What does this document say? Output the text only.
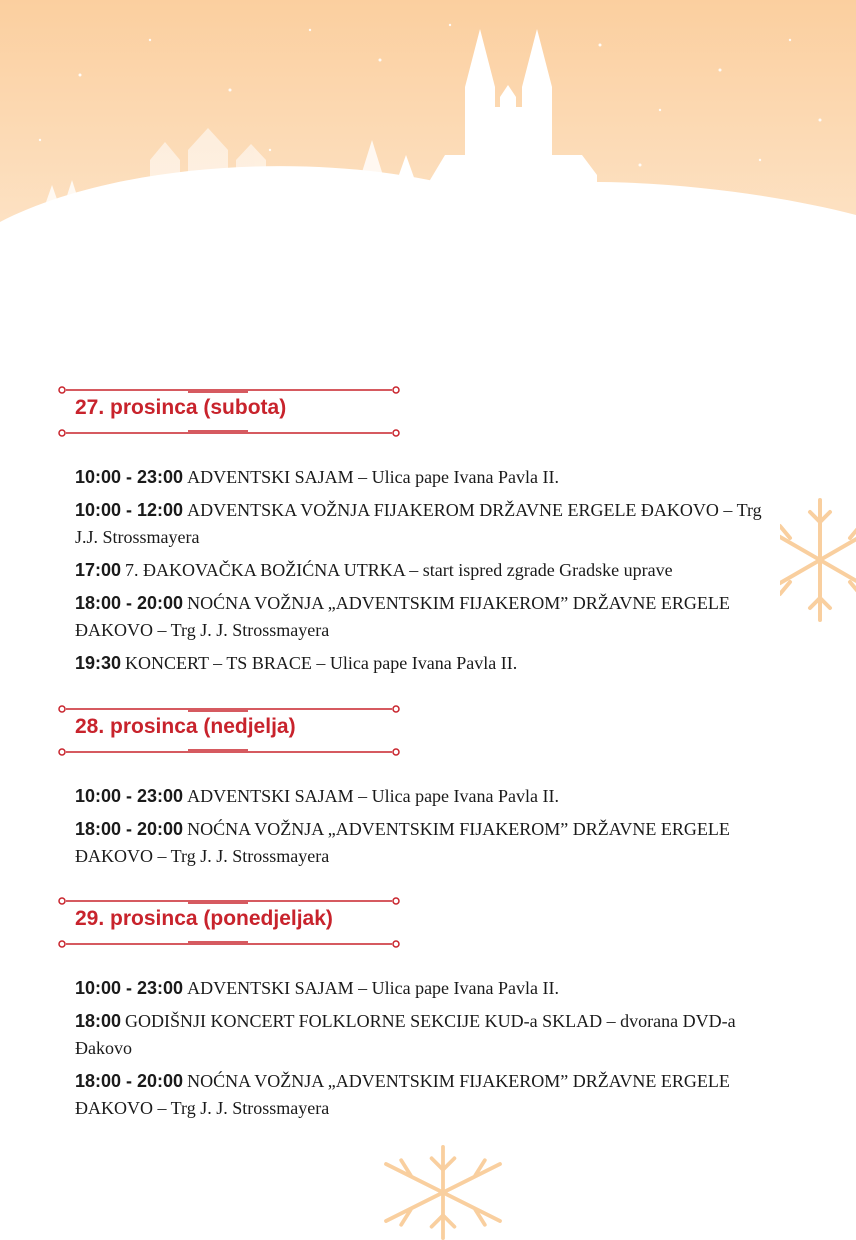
27. prosinca (subota)
10:00 - 23:00 ADVENTSKI SAJAM – Ulica pape Ivana Pavla II.
10:00 - 12:00 ADVENTSKA VOŽNJA FIJAKEROM DRŽAVNE ERGELE ĐAKOVO – Trg J.J. Strossmayera
17:00 7. ĐAKOVAČKA BOŽIĆNA UTRKA – start ispred zgrade Gradske uprave
18:00 - 20:00 NOĆNA VOŽNJA „ADVENTSKIM FIJAKEROM” DRŽAVNE ERGELE ĐAKOVO – Trg J. J. Strossmayera
19:30 KONCERT – TS BRACE – Ulica pape Ivana Pavla II.
28. prosinca (nedjelja)
10:00 - 23:00 ADVENTSKI SAJAM – Ulica pape Ivana Pavla II.
18:00 - 20:00 NOĆNA VOŽNJA „ADVENTSKIM FIJAKEROM” DRŽAVNE ERGELE ĐAKOVO – Trg J. J. Strossmayera
29. prosinca (ponedjeljak)
10:00 - 23:00 ADVENTSKI SAJAM – Ulica pape Ivana Pavla II.
18:00 GODIŠNJI KONCERT FOLKLORNE SEKCIJE KUD-a SKLAD – dvorana DVD-a Đakovo
18:00 - 20:00 NOĆNA VOŽNJA „ADVENTSKIM FIJAKEROM” DRŽAVNE ERGELE ĐAKOVO – Trg J. J. Strossmayera
